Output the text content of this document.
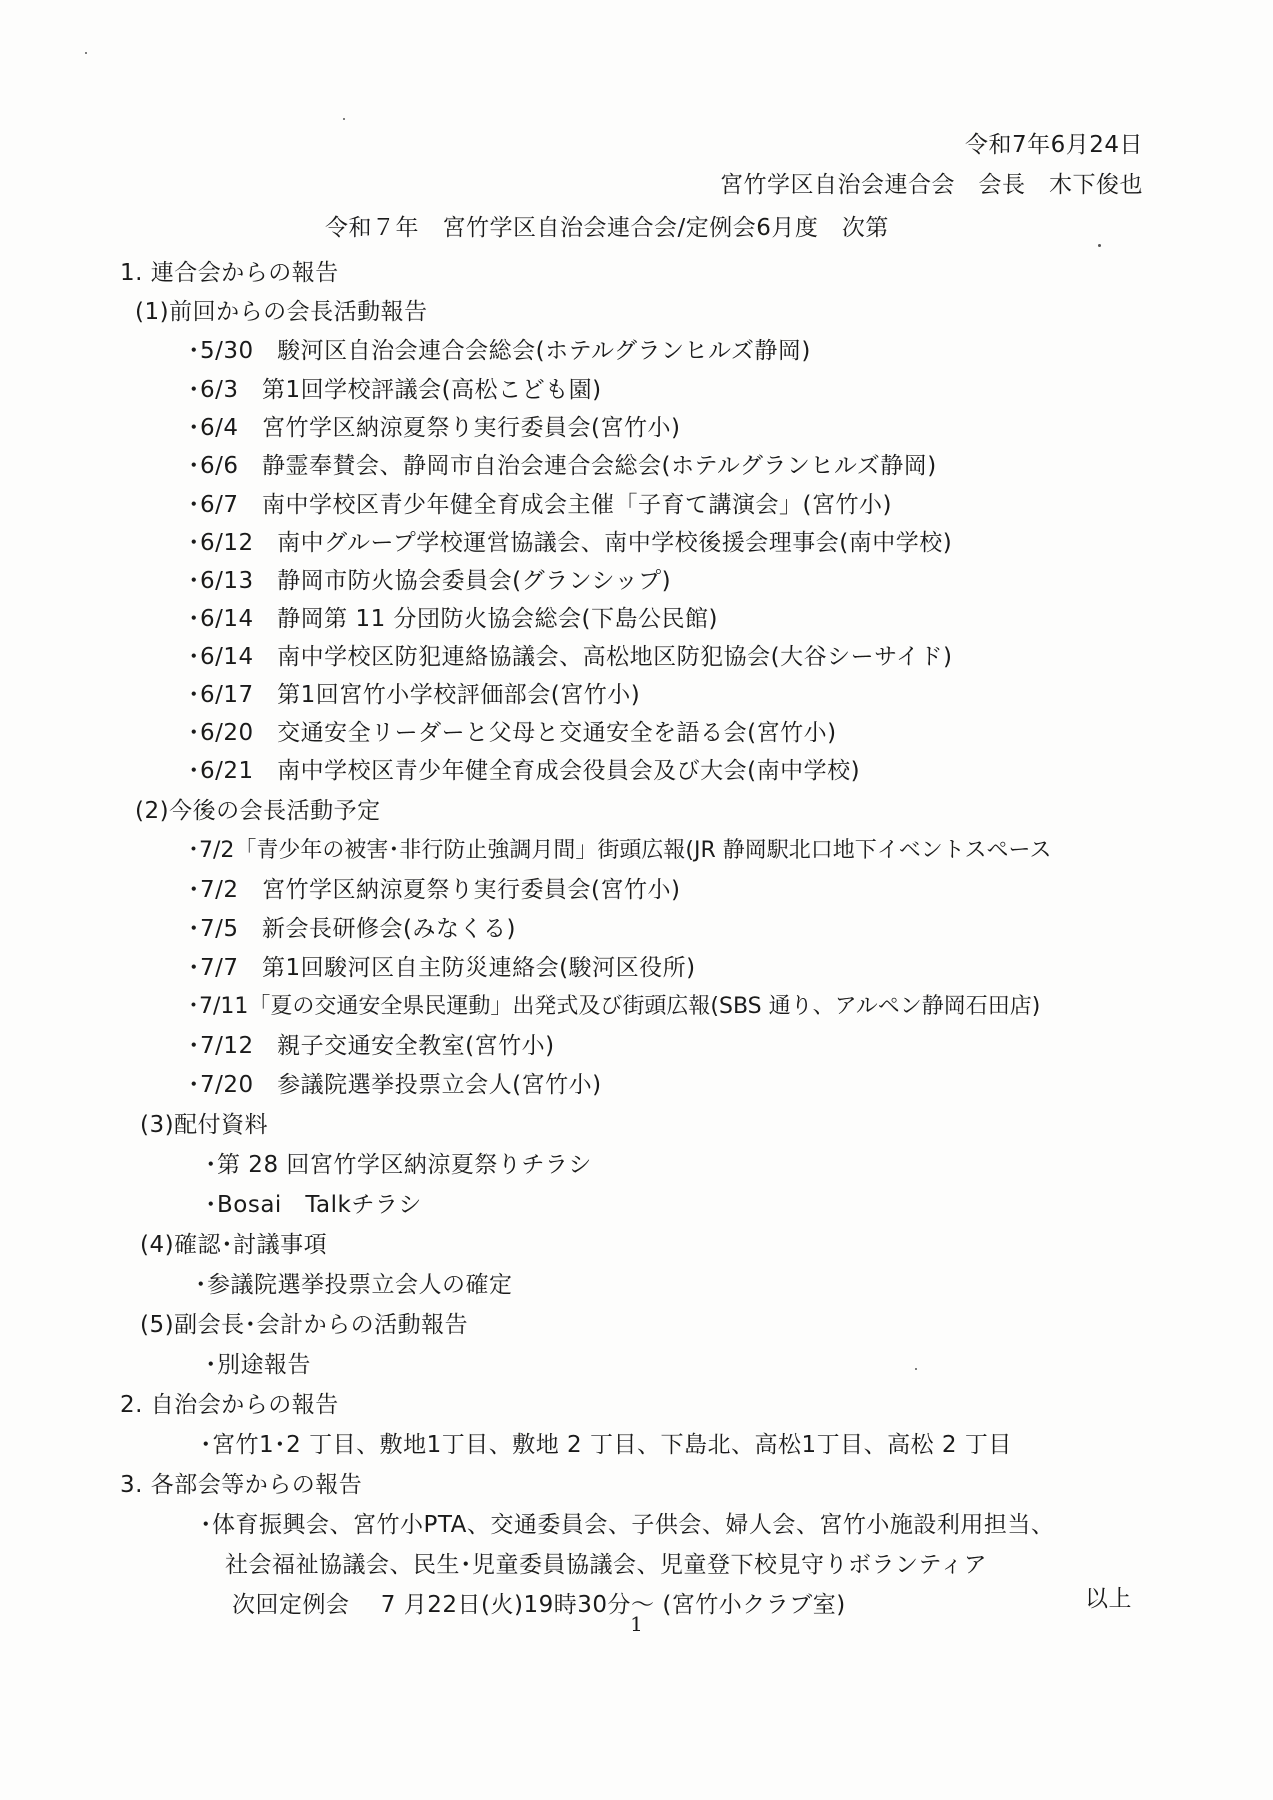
令和7年6月24日
宮竹学区自治会連合会　会長　木下俊也
令和７年　宮竹学区自治会連合会/定例会6月度　次第
1. 連合会からの報告
(1)前回からの会長活動報告
･5/30　駿河区自治会連合会総会(ホテルグランヒルズ静岡)
･6/3　第1回学校評議会(高松こども園)
･6/4　宮竹学区納涼夏祭り実行委員会(宮竹小)
･6/6　静霊奉賛会、静岡市自治会連合会総会(ホテルグランヒルズ静岡)
･6/7　南中学校区青少年健全育成会主催「子育て講演会」(宮竹小)
･6/12　南中グループ学校運営協議会、南中学校後援会理事会(南中学校)
･6/13　静岡市防火協会委員会(グランシップ)
･6/14　静岡第 11 分団防火協会総会(下島公民館)
･6/14　南中学校区防犯連絡協議会、高松地区防犯協会(大谷シーサイド)
･6/17　第1回宮竹小学校評価部会(宮竹小)
･6/20　交通安全リーダーと父母と交通安全を語る会(宮竹小)
･6/21　南中学校区青少年健全育成会役員会及び大会(南中学校)
(2)今後の会長活動予定
･7/2「青少年の被害･非行防止強調月間」街頭広報(JR 静岡駅北口地下イベントスペース
･7/2　宮竹学区納涼夏祭り実行委員会(宮竹小)
･7/5　新会長研修会(みなくる)
･7/7　第1回駿河区自主防災連絡会(駿河区役所)
･7/11「夏の交通安全県民運動」出発式及び街頭広報(SBS 通り、アルペン静岡石田店)
･7/12　親子交通安全教室(宮竹小)
･7/20　参議院選挙投票立会人(宮竹小)
(3)配付資料
･第 28 回宮竹学区納涼夏祭りチラシ
･Bosai　Talkチラシ
(4)確認･討議事項
･参議院選挙投票立会人の確定
(5)副会長･会計からの活動報告
･別途報告
2. 自治会からの報告
･宮竹1･2 丁目、敷地1丁目、敷地 2 丁目、下島北、高松1丁目、高松 2 丁目
3. 各部会等からの報告
･体育振興会、宮竹小PTA、交通委員会、子供会、婦人会、宮竹小施設利用担当、
社会福祉協議会、民生･児童委員協議会、児童登下校見守りボランティア
次回定例会　 7 月22日(火)19時30分～ (宮竹小クラブ室)	以上
1
